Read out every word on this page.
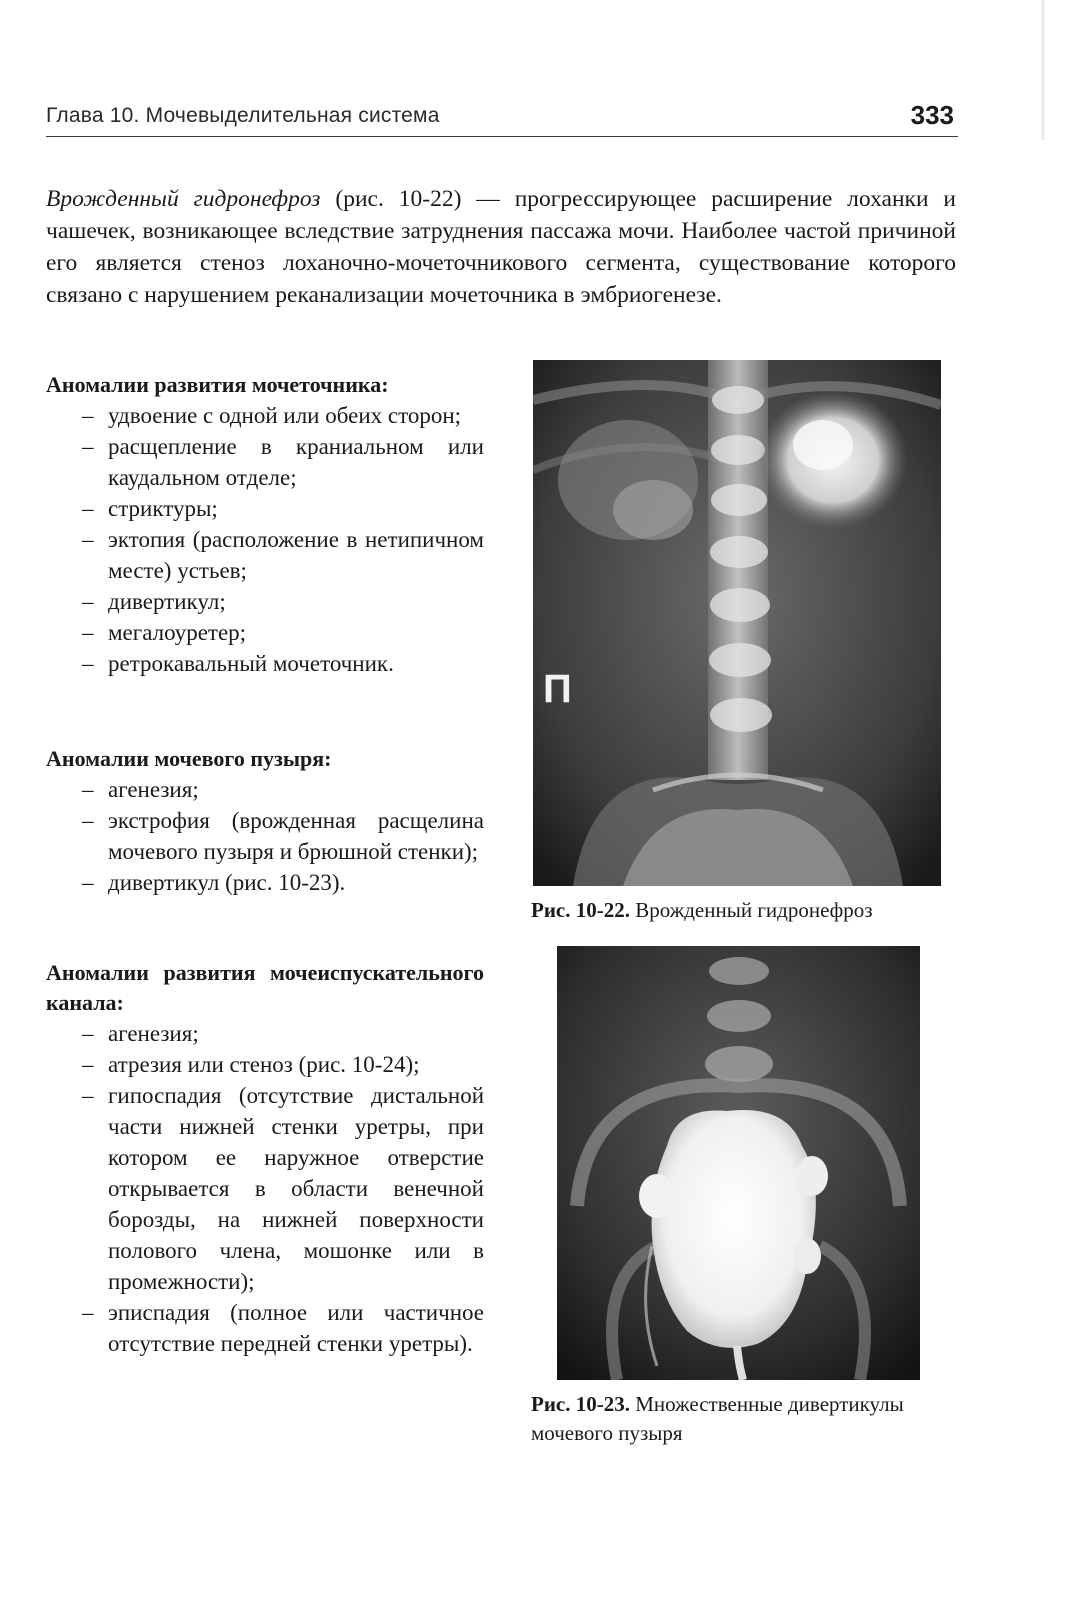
Глава 10. Мочевыделительная система	333

Врожденный гидронефроз (рис. 10-22) — прогрессирующее расширение лоханки и чашечек, возникающее вследствие затруднения пассажа мочи. Наиболее частой причиной его является стеноз лоханочно-мочеточникового сегмента, существование которого связано с нарушением реканализации мочеточника в эмбриогенезе.

Аномалии развития мочеточника:

– удвоение с одной или обеих сторон;
– расщепление в краниальном или каудальном отделе;
– стриктуры;
– эктопия (расположение в нетипичном месте) устьев;
– дивертикул;
– мегалоуретер;
– ретрокавальный мочеточник.

Аномалии мочевого пузыря:

– агенезия;
– экстрофия (врожденная расщелина мочевого пузыря и брюшной стенки);
– дивертикул (рис. 10-23).

Аномалии развития мочеиспускательного канала:

– агенезия;
– атрезия или стеноз (рис. 10-24);
– гипоспадия (отсутствие дистальной части нижней стенки уретры, при котором ее наружное отверстие открывается в области венечной борозды, на нижней поверхности полового члена, мошонке или в промежности);
– эписпадия (полное или частичное отсутствие передней стенки уретры).
П

Рис. 10-22. Врожденный гидронефроз

Рис. 10-23. Множественные дивертикулы мочевого пузыря
